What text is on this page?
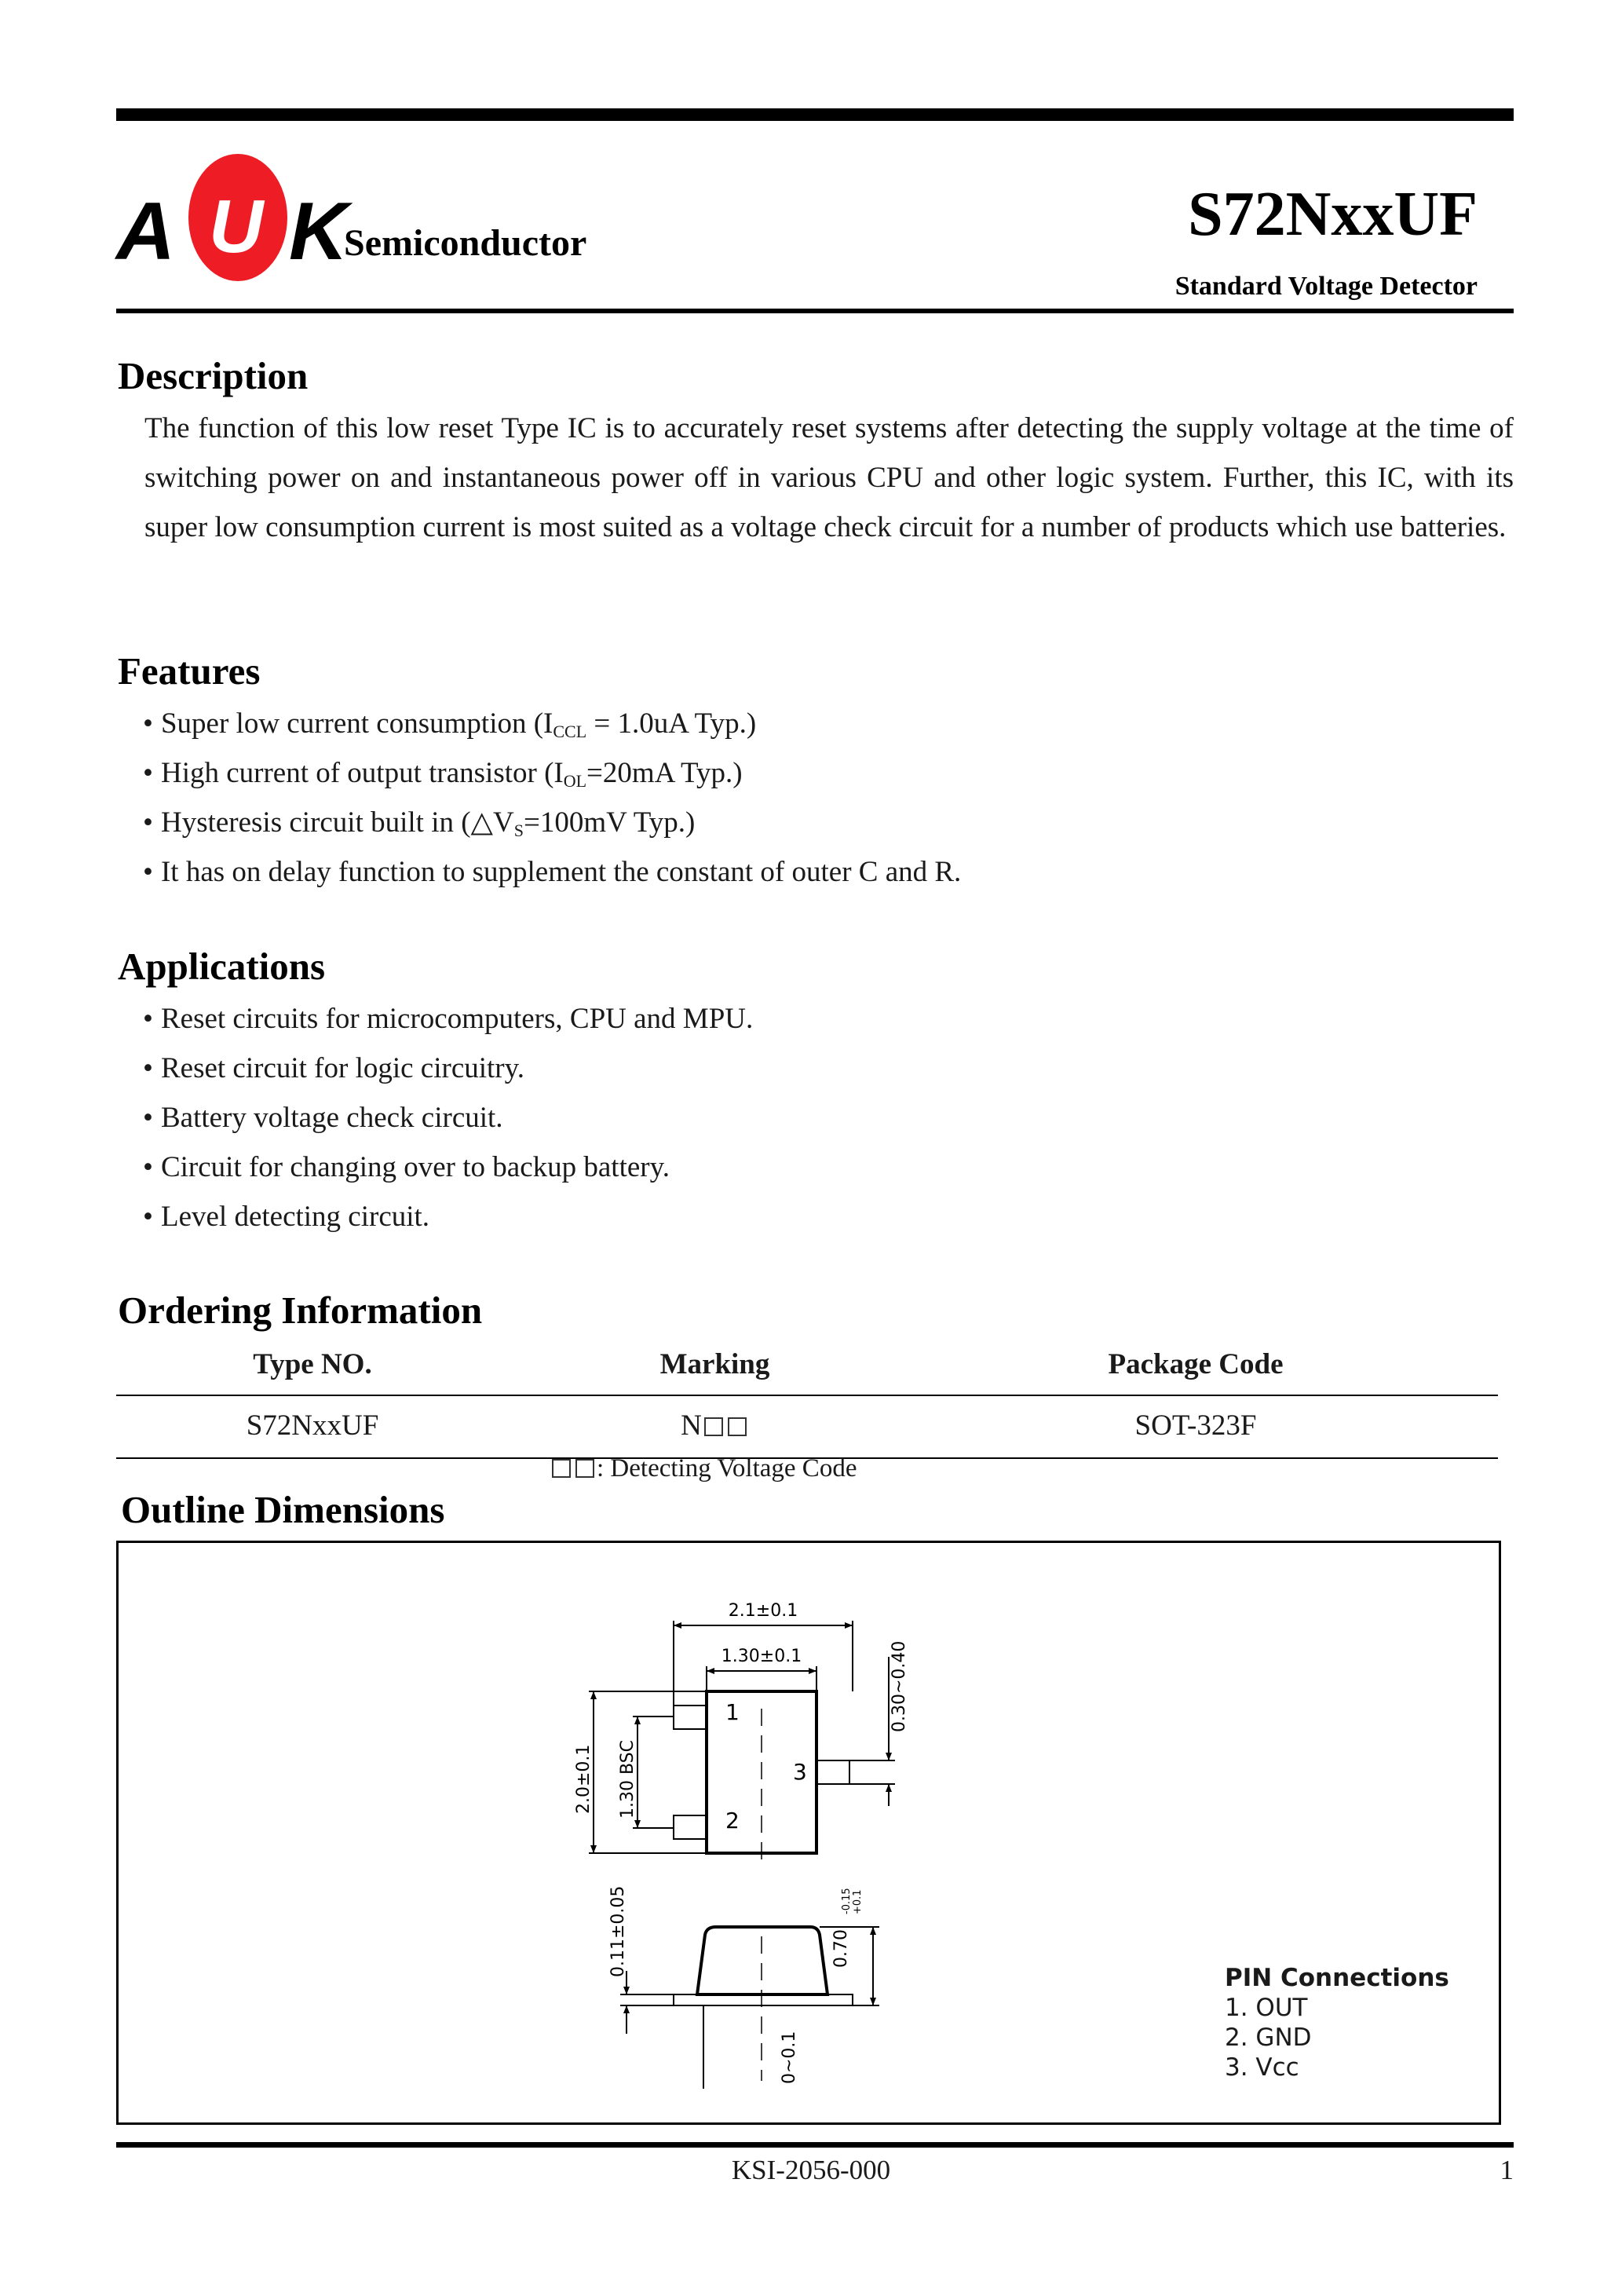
A U K
Semiconductor	S72NxxUF
Standard Voltage Detector
Description
The function of this low reset Type IC is to accurately reset systems after detecting the supply voltage at the time of switching power on and instantaneous power off in various CPU and other logic system. Further, this IC, with its super low consumption current is most suited as a voltage check circuit for a number of products which use batteries.
Features
• Super low current consumption ($I_{CCL} = 1.0uA$ Typ.)
• High current of output transistor ($I_{OL}=20mA$ Typ.)
• Hysteresis circuit built in ($\triangle V_S=100mV$ Typ.)
• It has on delay function to supplement the constant of outer C and R.
Applications
• Reset circuits for microcomputers, CPU and MPU.
• Reset circuit for logic circuitry.
• Battery voltage check circuit.
• Circuit for changing over to backup battery.
• Level detecting circuit.
Ordering Information
Type NO.	Marking	Package Code
S72NxxUF	N	SOT-323F
: Detecting Voltage Code
Outline Dimensions
2.1±0.1
1.30±0.1	0.30~0.40
2.0±0.1 1.30 BSC
1
2
3
0.70
-0.15 +0.1
0.11±0.05
0~0.1
PIN Connections
1. OUT
2. GND
3. Vcc
KSI-2056-000	1
